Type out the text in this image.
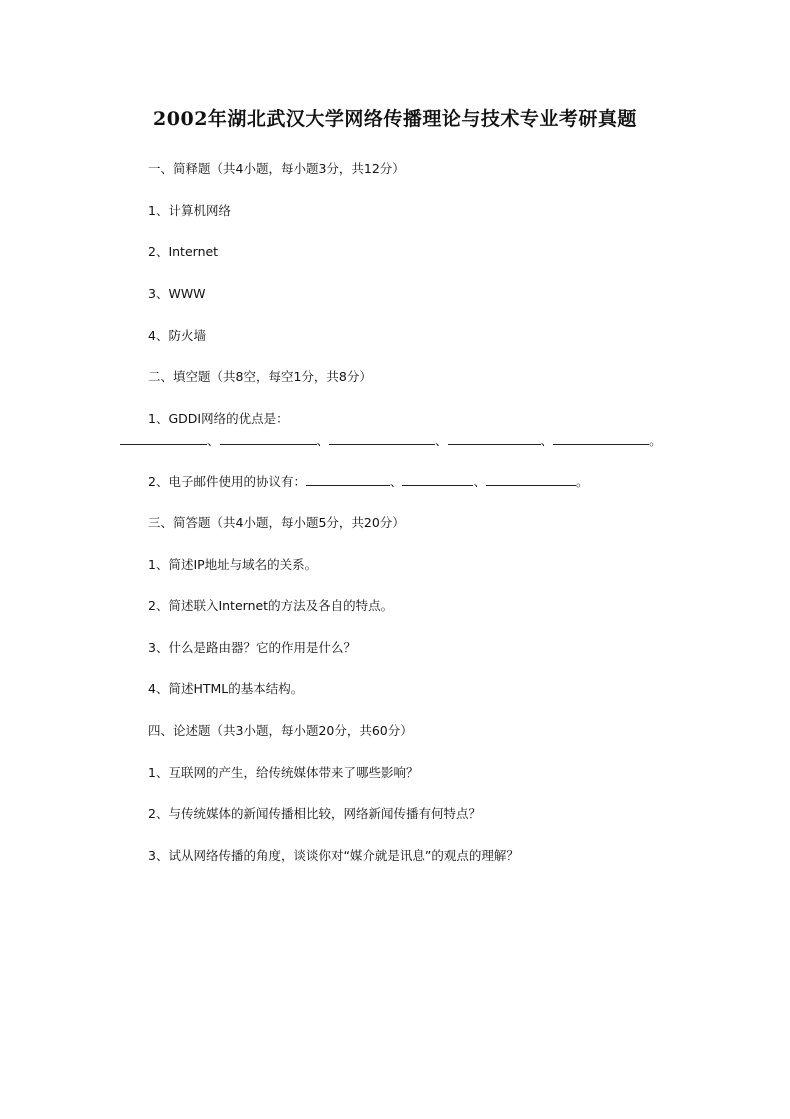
2002年湖北武汉大学网络传播理论与技术专业考研真题
一、简释题（共4小题，每小题3分，共12分）
1、计算机网络
2、Internet
3、WWW
4、防火墙
二、填空题（共8空，每空1分，共8分）
1、GDDI网络的优点是：
、	、	、	、	。
2、电子邮件使用的协议有：	、	、	。
三、简答题（共4小题，每小题5分，共20分）
1、简述IP地址与域名的关系。
2、简述联入Internet的方法及各自的特点。
3、什么是路由器？它的作用是什么？
4、简述HTML的基本结构。
四、论述题（共3小题，每小题20分，共60分）
1、互联网的产生，给传统媒体带来了哪些影响？
2、与传统媒体的新闻传播相比较，网络新闻传播有何特点？
3、试从网络传播的角度，谈谈你对“媒介就是讯息”的观点的理解？
